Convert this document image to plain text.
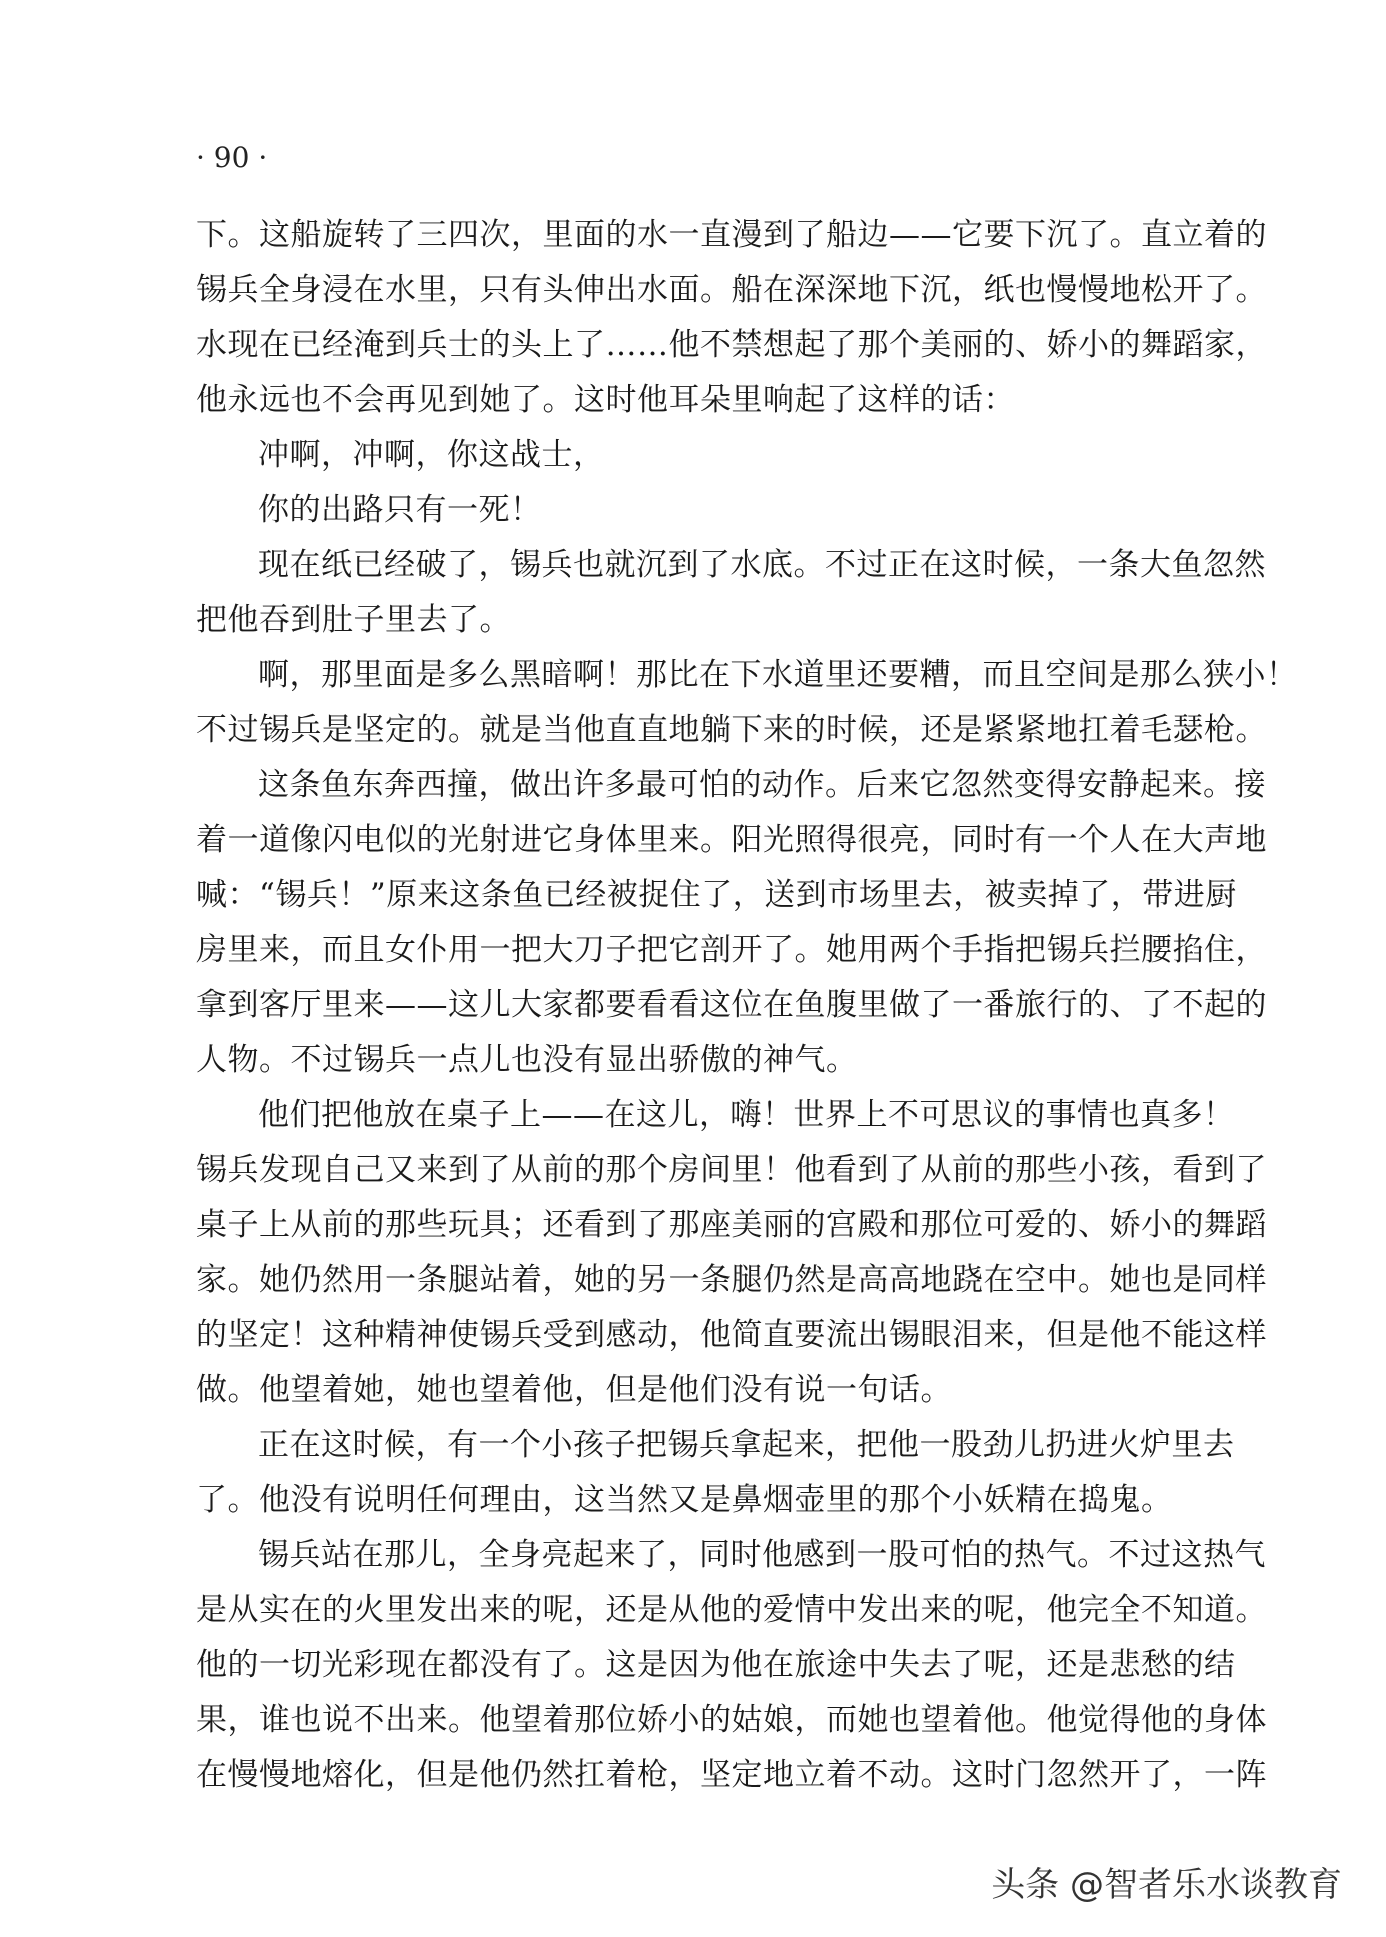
· 90 ·
下。这船旋转了三四次，里面的水一直漫到了船边——它要下沉了。直立着的
锡兵全身浸在水里，只有头伸出水面。船在深深地下沉，纸也慢慢地松开了。
水现在已经淹到兵士的头上了……他不禁想起了那个美丽的、娇小的舞蹈家，
他永远也不会再见到她了。这时他耳朵里响起了这样的话：
冲啊，冲啊，你这战士，
你的出路只有一死！
现在纸已经破了，锡兵也就沉到了水底。不过正在这时候，一条大鱼忽然
把他吞到肚子里去了。
啊，那里面是多么黑暗啊！那比在下水道里还要糟，而且空间是那么狭小！
不过锡兵是坚定的。就是当他直直地躺下来的时候，还是紧紧地扛着毛瑟枪。
这条鱼东奔西撞，做出许多最可怕的动作。后来它忽然变得安静起来。接
着一道像闪电似的光射进它身体里来。阳光照得很亮，同时有一个人在大声地
喊：“锡兵！”原来这条鱼已经被捉住了，送到市场里去，被卖掉了，带进厨
房里来，而且女仆用一把大刀子把它剖开了。她用两个手指把锡兵拦腰掐住，
拿到客厅里来——这儿大家都要看看这位在鱼腹里做了一番旅行的、了不起的
人物。不过锡兵一点儿也没有显出骄傲的神气。
他们把他放在桌子上——在这儿，嗨！世界上不可思议的事情也真多！
锡兵发现自己又来到了从前的那个房间里！他看到了从前的那些小孩，看到了
桌子上从前的那些玩具；还看到了那座美丽的宫殿和那位可爱的、娇小的舞蹈
家。她仍然用一条腿站着，她的另一条腿仍然是高高地跷在空中。她也是同样
的坚定！这种精神使锡兵受到感动，他简直要流出锡眼泪来，但是他不能这样
做。他望着她，她也望着他，但是他们没有说一句话。
正在这时候，有一个小孩子把锡兵拿起来，把他一股劲儿扔进火炉里去
了。他没有说明任何理由，这当然又是鼻烟壶里的那个小妖精在捣鬼。
锡兵站在那儿，全身亮起来了，同时他感到一股可怕的热气。不过这热气
是从实在的火里发出来的呢，还是从他的爱情中发出来的呢，他完全不知道。
他的一切光彩现在都没有了。这是因为他在旅途中失去了呢，还是悲愁的结
果，谁也说不出来。他望着那位娇小的姑娘，而她也望着他。他觉得他的身体
在慢慢地熔化，但是他仍然扛着枪，坚定地立着不动。这时门忽然开了，一阵
头条 @智者乐水谈教育
